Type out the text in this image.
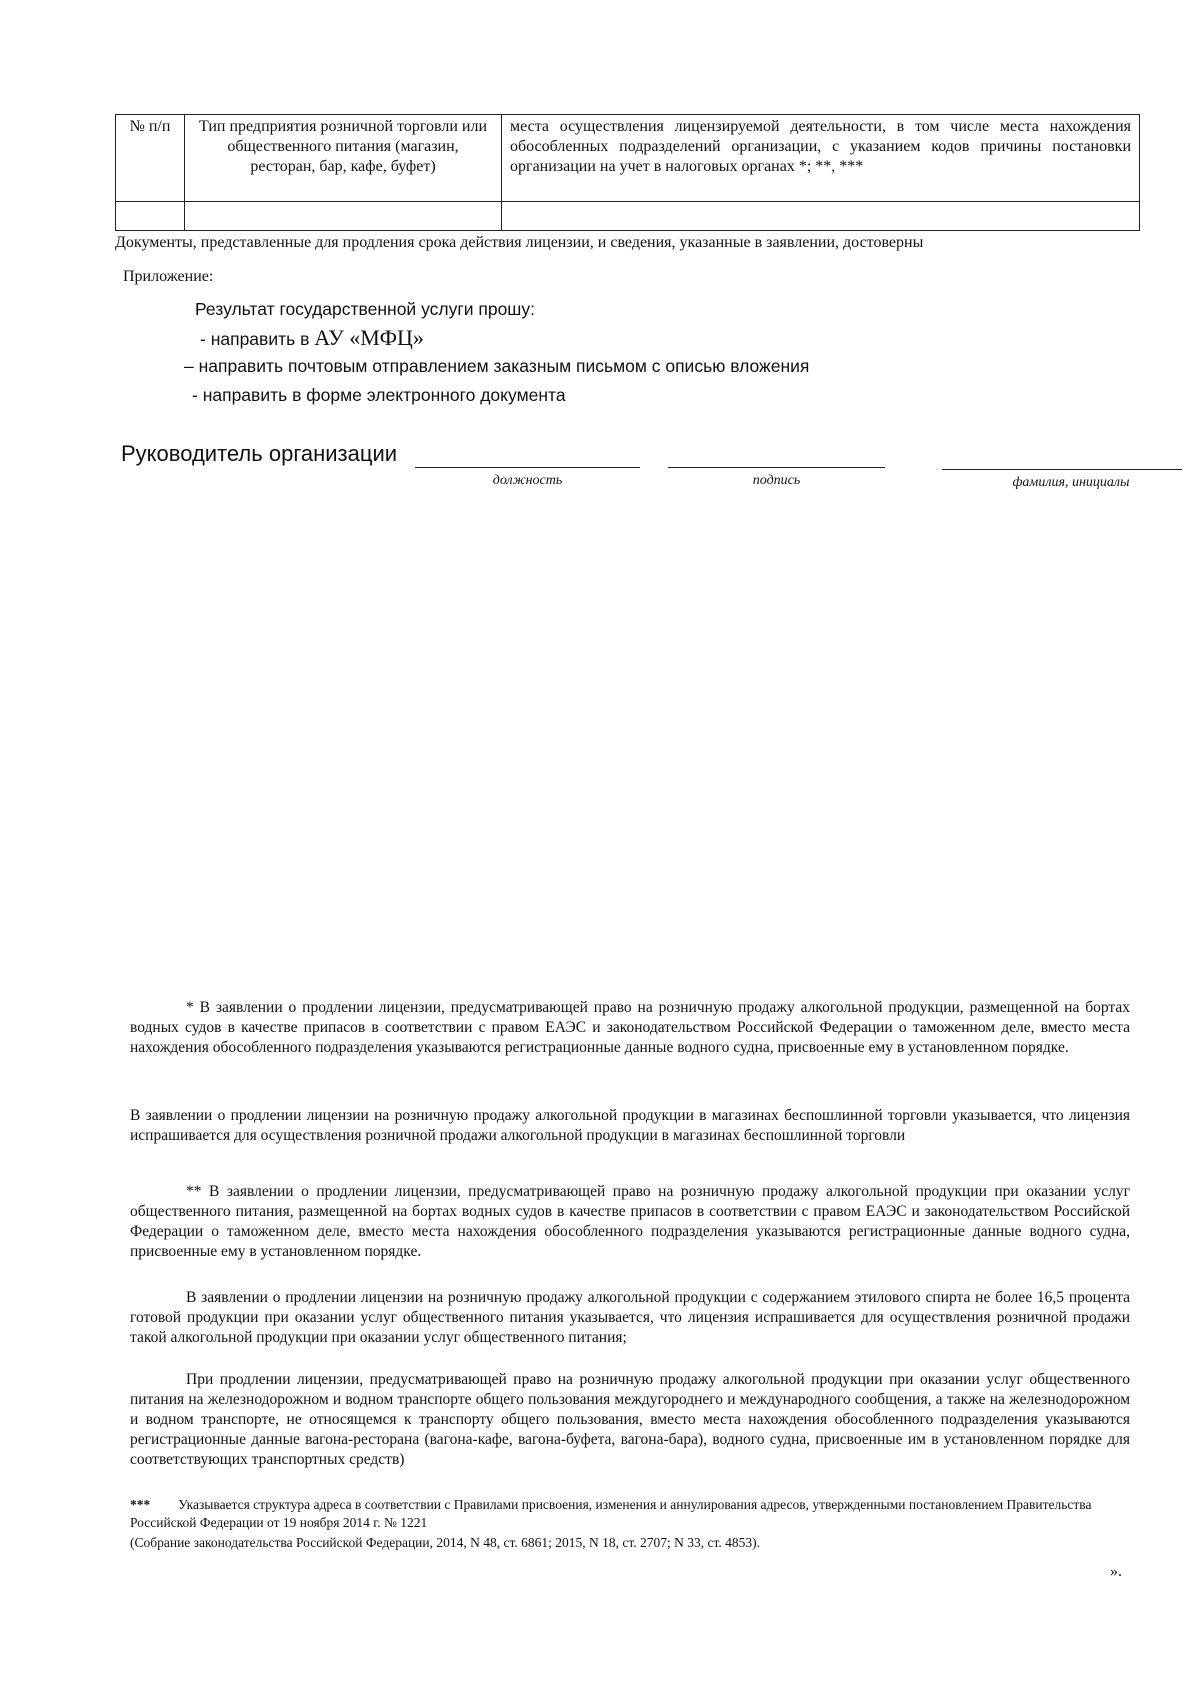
№ п/п	Тип предприятия розничной торговли или общественного питания (магазин, ресторан, бар, кафе, буфет)	места осуществления лицензируемой деятельности, в том числе места нахождения обособленных подразделений организации, с указанием кодов причины постановки организации на учет в налоговых органах *; **, ***

Документы, представленные для продления срока действия лицензии, и сведения, указанные в заявлении, достоверны
Приложение:
Результат государственной услуги прошу:
- направить в АУ «МФЦ»
– направить почтовым отправлением заказным письмом с описью вложения
- направить в форме электронного документа
Руководитель организации
должность	подпись	фамилия, инициалы
* В заявлении о продлении лицензии, предусматривающей право на розничную продажу алкогольной продукции, размещенной на бортах водных судов в качестве припасов в соответствии с правом ЕАЭС и законодательством Российской Федерации о таможенном деле, вместо места нахождения обособленного подразделения указываются регистрационные данные водного судна, присвоенные ему в установленном порядке.
В заявлении о продлении лицензии на розничную продажу алкогольной продукции в магазинах беспошлинной торговли указывается, что лицензия испрашивается для осуществления розничной продажи алкогольной продукции в магазинах беспошлинной торговли
** В заявлении о продлении лицензии, предусматривающей право на розничную продажу алкогольной продукции при оказании услуг общественного питания, размещенной на бортах водных судов в качестве припасов в соответствии с правом ЕАЭС и законодательством Российской Федерации о таможенном деле, вместо места нахождения обособленного подразделения указываются регистрационные данные водного судна, присвоенные ему в установленном порядке.
В заявлении о продлении лицензии на розничную продажу алкогольной продукции с содержанием этилового спирта не более 16,5 процента готовой продукции при оказании услуг общественного питания указывается, что лицензия испрашивается для осуществления розничной продажи такой алкогольной продукции при оказании услуг общественного питания;
При продлении лицензии, предусматривающей право на розничную продажу алкогольной продукции при оказании услуг общественного питания на железнодорожном и водном транспорте общего пользования междугороднего и международного сообщения, а также на железнодорожном и водном транспорте, не относящемся к транспорту общего пользования, вместо места нахождения обособленного подразделения указываются регистрационные данные вагона-ресторана (вагона-кафе, вагона-буфета, вагона-бара), водного судна, присвоенные им в установленном порядке для соответствующих транспортных средств)
*** Указывается структура адреса в соответствии с Правилами присвоения, изменения и аннулирования адресов, утвержденными постановлением Правительства Российской Федерации от 19 ноября 2014 г. № 1221
(Собрание законодательства Российской Федерации, 2014, N 48, ст. 6861; 2015, N 18, ст. 2707; N 33, ст. 4853).
».
